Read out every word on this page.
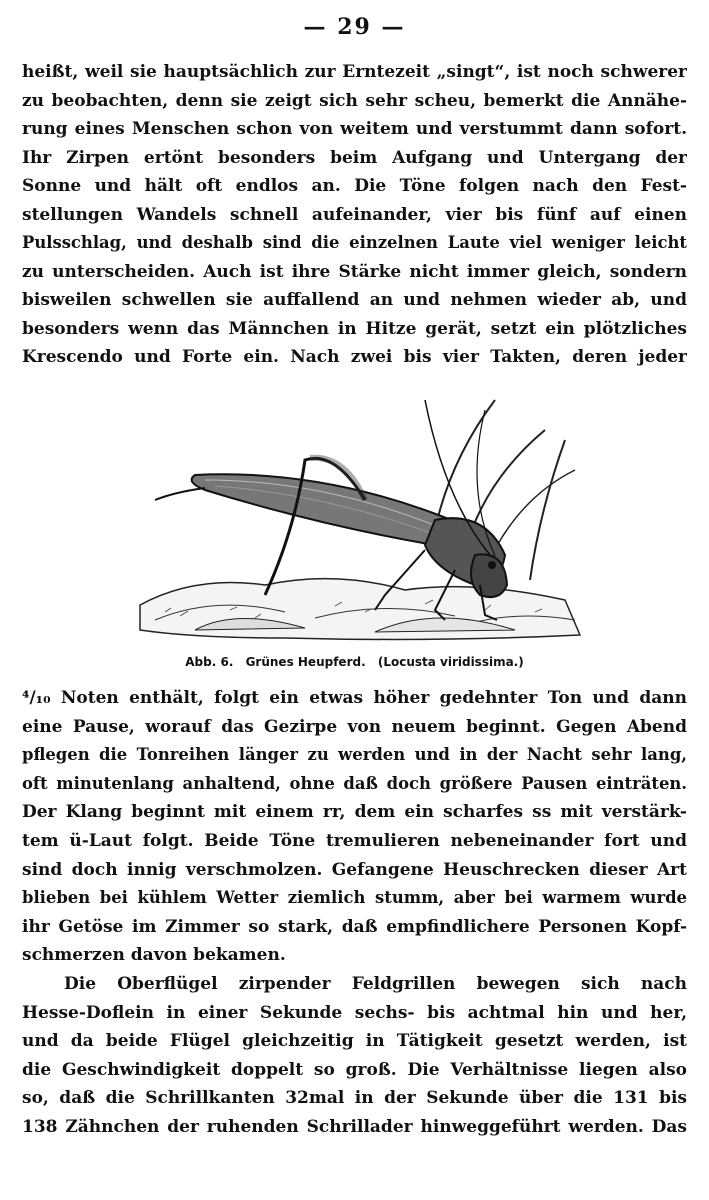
— 29 —
heißt, weil sie hauptsächlich zur Erntezeit „singt“, ist noch schwerer
zu beobachten, denn sie zeigt sich sehr scheu, bemerkt die Annähe-
rung eines Menschen schon von weitem und verstummt dann sofort.
Ihr Zirpen ertönt besonders beim Aufgang und Untergang der
Sonne und hält oft endlos an. Die Töne folgen nach den Fest-
stellungen Wandels schnell aufeinander, vier bis fünf auf einen
Pulsschlag, und deshalb sind die einzelnen Laute viel weniger leicht
zu unterscheiden. Auch ist ihre Stärke nicht immer gleich, sondern
bisweilen schwellen sie auffallend an und nehmen wieder ab, und
besonders wenn das Männchen in Hitze gerät, setzt ein plötzliches
Krescendo und Forte ein. Nach zwei bis vier Takten, deren jeder
Abb. 6. Grünes Heupferd. (Locusta viridissima.)
⁴/₁₀ Noten enthält, folgt ein etwas höher gedehnter Ton und dann
eine Pause, worauf das Gezirpe von neuem beginnt. Gegen Abend
pflegen die Tonreihen länger zu werden und in der Nacht sehr lang,
oft minutenlang anhaltend, ohne daß doch größere Pausen einträten.
Der Klang beginnt mit einem rr, dem ein scharfes ss mit verstärk-
tem ü-Laut folgt. Beide Töne tremulieren nebeneinander fort und
sind doch innig verschmolzen. Gefangene Heuschrecken dieser Art
blieben bei kühlem Wetter ziemlich stumm, aber bei warmem wurde
ihr Getöse im Zimmer so stark, daß empfindlichere Personen Kopf-
schmerzen davon bekamen.
Die Oberflügel zirpender Feldgrillen bewegen sich nach
Hesse-Doflein in einer Sekunde sechs- bis achtmal hin und her,
und da beide Flügel gleichzeitig in Tätigkeit gesetzt werden, ist
die Geschwindigkeit doppelt so groß. Die Verhältnisse liegen also
so, daß die Schrillkanten 32mal in der Sekunde über die 131 bis
138 Zähnchen der ruhenden Schrillader hinweggeführt werden. Das
